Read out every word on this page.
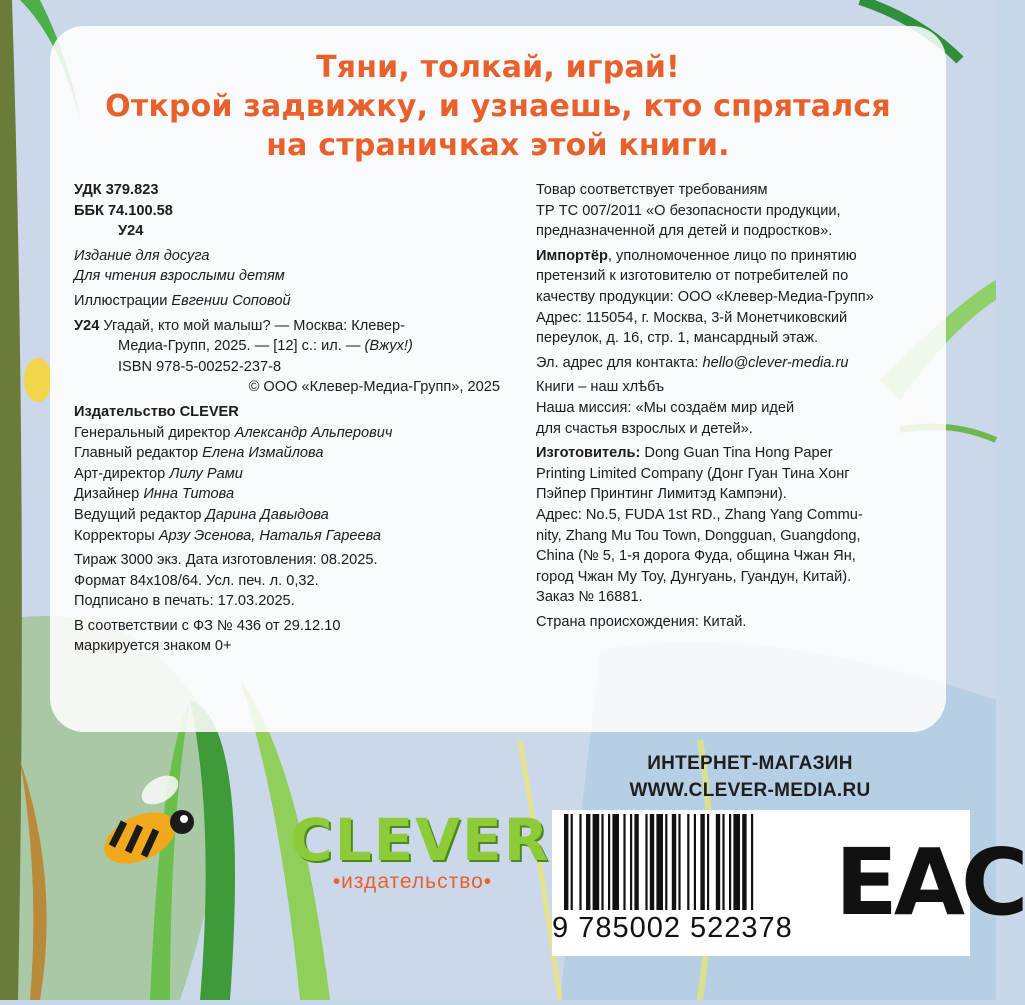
Тяни, толкай, играй!
Открой задвижку, и узнаешь, кто спрятался
на страничках этой книги.
УДК 379.823
ББК 74.100.58
У24
Издание для досуга
Для чтения взрослыми детям
Иллюстрации Евгении Соповой
У24 Угадай, кто мой малыш? — Москва: Клевер-
Медиа-Групп, 2025. — [12] с.: ил. — (Вжух!)
ISBN 978-5-00252-237-8
© ООО «Клевер-Медиа-Групп», 2025
Издательство CLEVER
Генеральный директор Александр Альперович
Главный редактор Елена Измайлова
Арт-директор Лилу Рами
Дизайнер Инна Титова
Ведущий редактор Дарина Давыдова
Корректоры Арзу Эсенова, Наталья Гареева
Тираж 3000 экз. Дата изготовления: 08.2025.
Формат 84х108/64. Усл. печ. л. 0,32.
Подписано в печать: 17.03.2025.
В соответствии с ФЗ № 436 от 29.12.10
маркируется знаком 0+
Товар соответствует требованиям
ТР ТС 007/2011 «О безопасности продукции,
предназначенной для детей и подростков».
Импортёр, уполномоченное лицо по принятию
претензий к изготовителю от потребителей по
качеству продукции: ООО «Клевер-Медиа-Групп»
Адрес: 115054, г. Москва, 3-й Монетчиковский
переулок, д. 16, стр. 1, мансардный этаж.
Эл. адрес для контакта: hello@clever-media.ru
Книги – наш хлѣбъ
Наша миссия: «Мы создаём мир идей
для счастья взрослых и детей».
Изготовитель: Dong Guan Tina Hong Paper
Printing Limited Company (Донг Гуан Тина Хонг
Пэйпер Принтинг Лимитэд Кампэни).
Адрес: No.5, FUDA 1st RD., Zhang Yang Commu-
nity, Zhang Mu Tou Town, Dongguan, Guangdong,
China (№ 5, 1-я дорога Фуда, община Чжан Ян,
город Чжан Му Тоу, Дунгуань, Гуандун, Китай).
Заказ № 16881.
Страна происхождения: Китай.
ИНТЕРНЕТ-МАГАЗИН
WWW.CLEVER-MEDIA.RU
CLEVER
•издательство•
9 785002 522378 EAC
